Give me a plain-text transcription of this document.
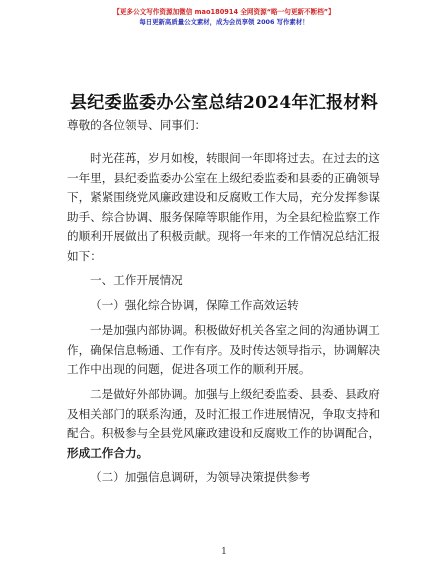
【更多公文写作资源加微信 mao180914 全网资源“略一句更新不断档”】
每日更新高质量公文素材，成为会员享领 2006 写作素材！
县纪委监委办公室总结2024年汇报材料
尊敬的各位领导、同事们：
时光荏苒，岁月如梭，转眼间一年即将过去。在过去的这
一年里，县纪委监委办公室在上级纪委监委和县委的正确领导
下，紧紧围绕党风廉政建设和反腐败工作大局，充分发挥参谋
助手、综合协调、服务保障等职能作用，为全县纪检监察工作
的顺利开展做出了积极贡献。现将一年来的工作情况总结汇报
如下：
一、工作开展情况
（一）强化综合协调，保障工作高效运转
一是加强内部协调。积极做好机关各室之间的沟通协调工
作，确保信息畅通、工作有序。及时传达领导指示，协调解决
工作中出现的问题，促进各项工作的顺利开展。
二是做好外部协调。加强与上级纪委监委、县委、县政府
及相关部门的联系沟通，及时汇报工作进展情况，争取支持和
配合。积极参与全县党风廉政建设和反腐败工作的协调配合，
形成工作合力。
（二）加强信息调研，为领导决策提供参考
1
